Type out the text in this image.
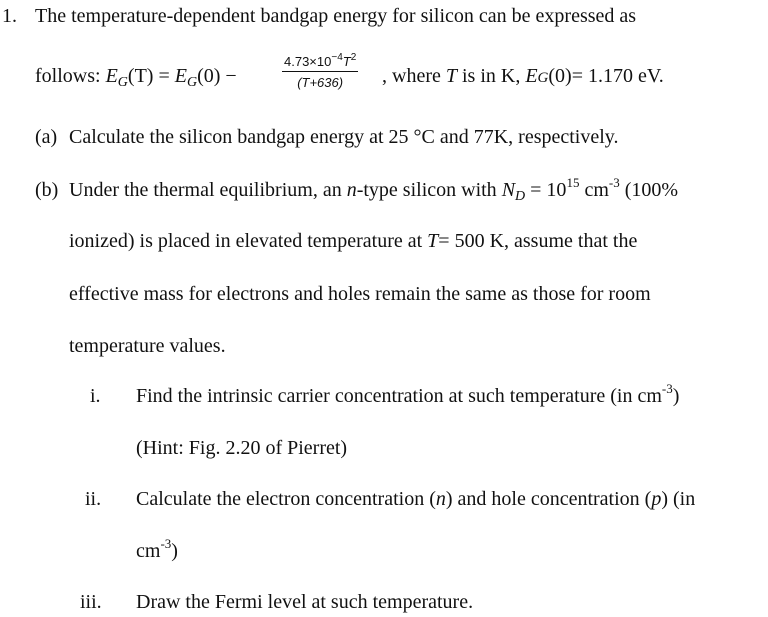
1. The temperature-dependent bandgap energy for silicon can be expressed as
follows: $E_G(T) = E_G(0)$ −
$4.73\times 10^{-4}T^2$
(T+636)	, where T is in K, EG(0)= 1.170 eV.
(a) Calculate the silicon bandgap energy at 25 °C and 77K, respectively.
(b) Under the thermal equilibrium, an n-type silicon with $N_D = 10^{15}$ $cm^{-3}$ (100%
ionized) is placed in elevated temperature at T= 500 K, assume that the
effective mass for electrons and holes remain the same as those for room
temperature values.
i. Find the intrinsic carrier concentration at such temperature (in $cm^{-3}$)
(Hint: Fig. 2.20 of Pierret)
ii. Calculate the electron concentration (n) and hole concentration (p) (in
$cm^{-3}$)
iii. Draw the Fermi level at such temperature.
